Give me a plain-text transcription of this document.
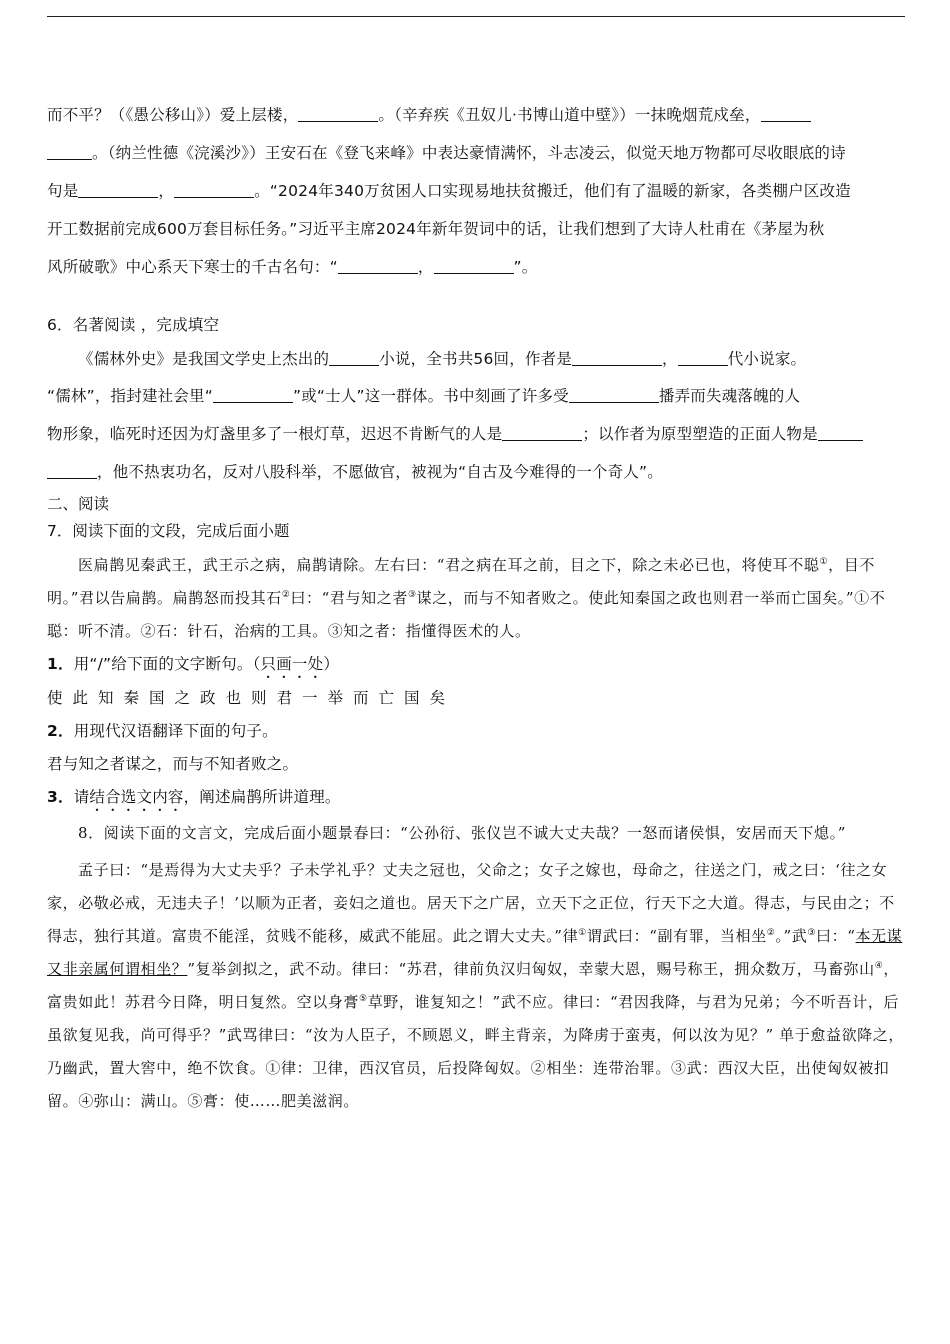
而不平？（《愚公移山》）爱上层楼，	。（辛弃疾《丑奴儿·书博山道中壁》）一抹晚烟荒戍垒，
。（纳兰性德《浣溪沙》）王安石在《登飞来峰》中表达豪情满怀，斗志凌云，似觉天地万物都可尽收眼底的诗
句是	，	。“2024年340万贫困人口实现易地扶贫搬迁，他们有了温暖的新家，各类棚户区改造
开工数据前完成600万套目标任务。”习近平主席2024年新年贺词中的话，让我们想到了大诗人杜甫在《茅屋为秋
风所破歌》中心系天下寒士的千古名句：“	，	”。

6．名著阅读 ，完成填空

《儒林外史》是我国文学史上杰出的	小说，全书共56回，作者是	，	代小说家。

“儒林”，指封建社会里“	”或“士人”这一群体。书中刻画了许多受	播弄而失魂落魄的人
物形象，临死时还因为灯盏里多了一根灯草，迟迟不肯断气的人是	；以作者为原型塑造的正面人物是
，他不热衷功名，反对八股科举，不愿做官，被视为“自古及今难得的一个奇人”。

二、阅读

7．阅读下面的文段，完成后面小题

医扁鹊见秦武王，武王示之病，扁鹊请除。左右曰：“君之病在耳之前，目之下，除之未必已也，将使耳不聪①，目不明。”君以告扁鹊。扁鹊怒而投其石②曰：“君与知之者③谋之，而与不知者败之。使此知秦国之政也则君一举而亡国矣。”①不聪：听不清。②石：针石，治病的工具。③知之者：指懂得医术的人。

1．用“/”给下面的文字断句。（只画一处）

使此知秦国之政也则君一举而亡国矣

2．用现代汉语翻译下面的句子。

君与知之者谋之，而与不知者败之。

3．请结合选文内容，阐述扁鹊所讲道理。

8．阅读下面的文言文，完成后面小题景春曰：“公孙衍、张仪岂不诚大丈夫哉？一怒而诸侯惧，安居而天下熄。”

孟子曰：“是焉得为大丈夫乎？子未学礼乎？丈夫之冠也，父命之；女子之嫁也，母命之，往送之门，戒之曰：‘往之女家，必敬必戒，无违夫子！’以顺为正者，妾妇之道也。居天下之广居，立天下之正位，行天下之大道。得志，与民由之；不得志，独行其道。富贵不能淫，贫贱不能移，威武不能屈。此之谓大丈夫。”律①谓武曰：“副有罪，当相坐②。”武③曰：“本无谋又非亲属何谓相坐？”复举剑拟之，武不动。律曰：“苏君，律前负汉归匈奴，幸蒙大恩，赐号称王，拥众数万，马畜弥山④，富贵如此！苏君今日降，明日复然。空以身膏⑤草野，谁复知之！”武不应。律曰：“君因我降，与君为兄弟；今不听吾计，后虽欲复见我，尚可得乎？”武骂律曰：“汝为人臣子，不顾恩义，畔主背亲，为降虏于蛮夷，何以汝为见？” 单于愈益欲降之，乃幽武，置大窖中，绝不饮食。①律：卫律，西汉官员，后投降匈奴。②相坐：连带治罪。③武：西汉大臣，出使匈奴被扣留。④弥山：满山。⑤膏：使……肥美滋润。
